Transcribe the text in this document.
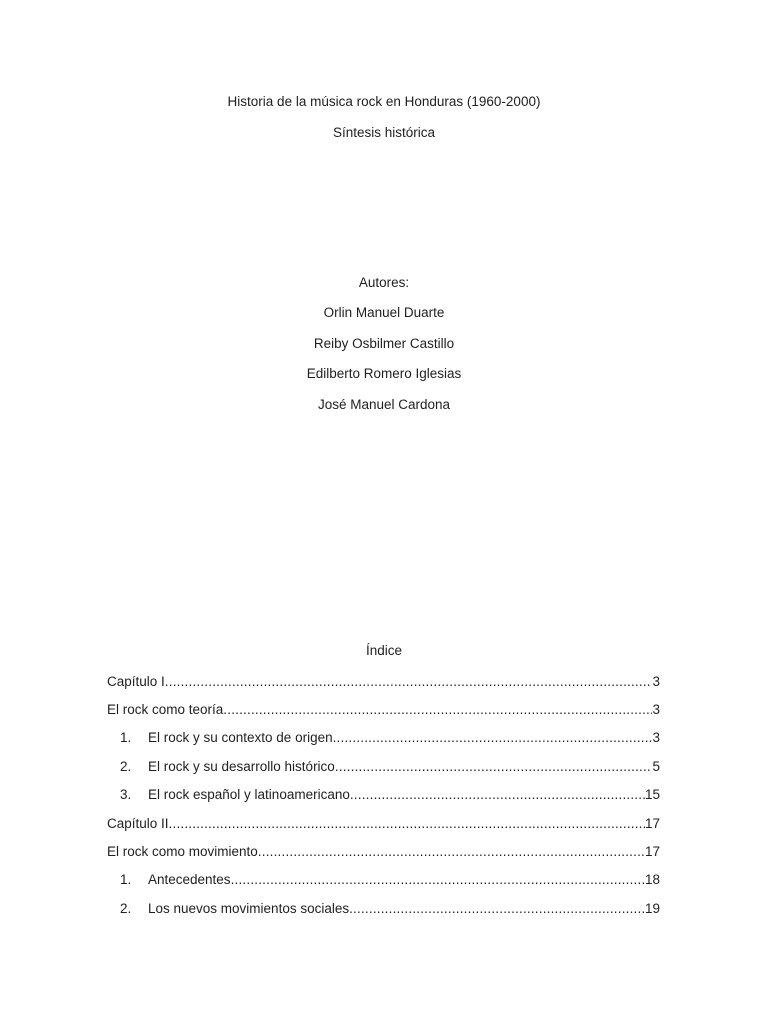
Historia de la música rock en Honduras (1960-2000)
Síntesis histórica
Autores:
Orlin Manuel Duarte
Reiby Osbilmer Castillo
Edilberto Romero Iglesias
José Manuel Cardona
Índice
Capítulo I .....	3
El rock como teoría .....	3
1.	El rock y su contexto de origen .....	3
2.	El rock y su desarrollo histórico .....	5
3.	El rock español y latinoamericano .....	15
Capítulo II .....	17
El rock como movimiento .....	17
1.	Antecedentes .....	18
2.	Los nuevos movimientos sociales .....	19
